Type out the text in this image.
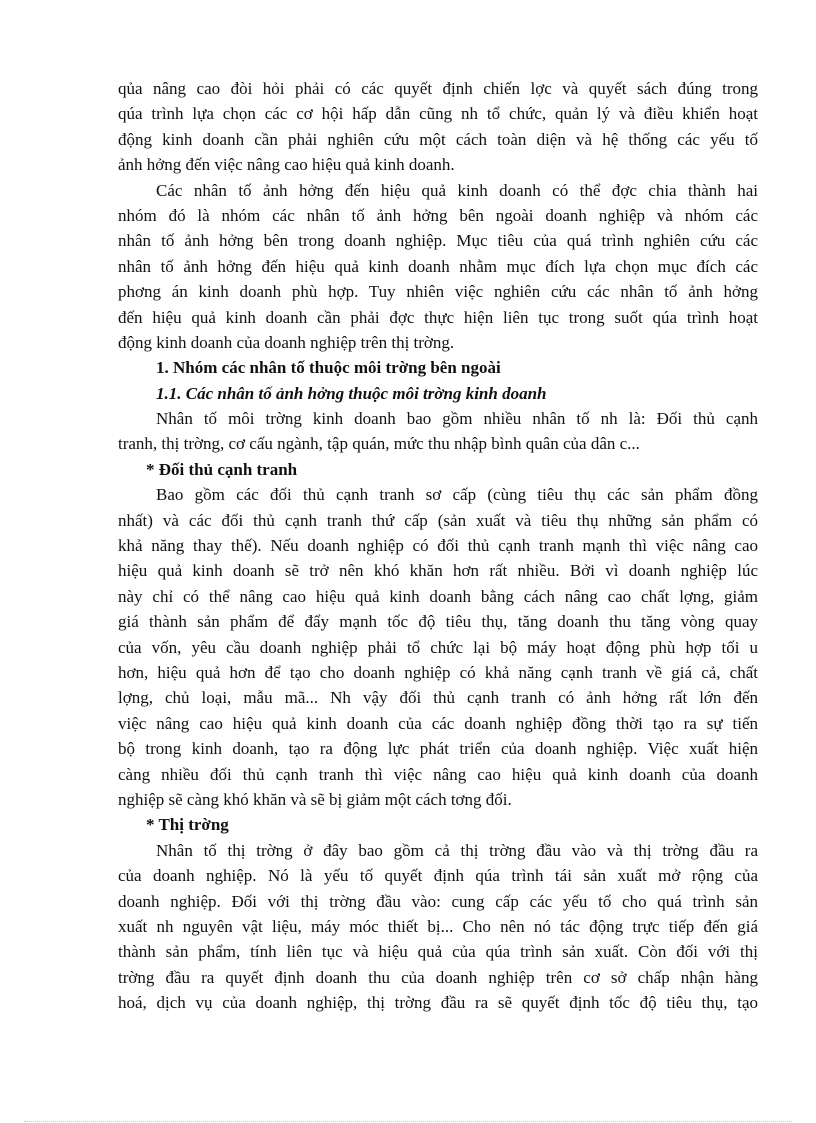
qủa nâng cao đòi hỏi phải có các quyết định chiến lợc và quyết sách đúng trong
qúa trình lựa chọn các cơ hội hấp dẫn cũng nh tổ chức, quản lý và điều khiển hoạt
động kinh doanh cần phải nghiên cứu một cách toàn diện và hệ thống các yếu tố
ảnh hởng đến việc nâng cao hiệu quả kinh doanh.
Các nhân tố ảnh hởng đến hiệu quả kinh doanh có thể đợc chia thành hai
nhóm đó là nhóm các nhân tố ảnh hởng bên ngoài doanh nghiệp và nhóm các
nhân tố ảnh hởng bên trong doanh nghiệp. Mục tiêu của quá trình nghiên cứu các
nhân tố ảnh hởng đến hiệu quả kinh doanh nhằm mục đích lựa chọn mục đích các
phơng án kinh doanh phù hợp. Tuy nhiên việc nghiên cứu các nhân tố ảnh hởng
đến hiệu quả kinh doanh cần phải đợc thực hiện liên tục trong suốt qúa trình hoạt
động kinh doanh của doanh nghiệp trên thị trờng.
1. Nhóm các nhân tố thuộc môi trờng bên ngoài
1.1. Các nhân tố ảnh hởng thuộc môi trờng kinh doanh
Nhân tố môi trờng kinh doanh bao gồm nhiều nhân tố nh là: Đối thủ cạnh
tranh, thị trờng, cơ cấu ngành, tập quán, mức thu nhập bình quân của dân c...
* Đối thủ cạnh tranh
Bao gồm các đối thủ cạnh tranh sơ cấp (cùng tiêu thụ các sản phẩm đồng
nhất) và các đối thủ cạnh tranh thứ cấp (sản xuất và tiêu thụ những sản phẩm có
khả năng thay thế). Nếu doanh nghiệp có đối thủ cạnh tranh mạnh thì việc nâng cao
hiệu quả kinh doanh sẽ trở nên khó khăn hơn rất nhiều. Bởi vì doanh nghiệp lúc
này chỉ có thể nâng cao hiệu quả kinh doanh bằng cách nâng cao chất lợng, giảm
giá thành sản phẩm để đẩy mạnh tốc độ tiêu thụ, tăng doanh thu tăng vòng quay
của vốn, yêu cầu doanh nghiệp phải tổ chức lại bộ máy hoạt động phù hợp tối u
hơn, hiệu quả hơn để tạo cho doanh nghiệp có khả năng cạnh tranh về giá cả, chất
lợng, chủ loại, mẫu mã... Nh vậy đối thủ cạnh tranh có ảnh hởng rất lớn đến
việc nâng cao hiệu quả kinh doanh của các doanh nghiệp đồng thời tạo ra sự tiến
bộ trong kinh doanh, tạo ra động lực phát triển của doanh nghiệp. Việc xuất hiện
càng nhiều đối thủ cạnh tranh thì việc nâng cao hiệu quả kinh doanh của doanh
nghiệp sẽ càng khó khăn và sẽ bị giảm một cách tơng đối.
* Thị trờng
Nhân tố thị trờng ở đây bao gồm cả thị trờng đầu vào và thị trờng đầu ra
của doanh nghiệp. Nó là yếu tố quyết định qúa trình tái sản xuất mở rộng của
doanh nghiệp. Đối với thị trờng đầu vào: cung cấp các yếu tố cho quá trình sản
xuất nh nguyên vật liệu, máy móc thiết bị... Cho nên nó tác động trực tiếp đến giá
thành sản phẩm, tính liên tục và hiệu quả của qúa trình sản xuất. Còn đối với thị
trờng đầu ra quyết định doanh thu của doanh nghiệp trên cơ sở chấp nhận hàng
hoá, dịch vụ của doanh nghiệp, thị trờng đầu ra sẽ quyết định tốc độ tiêu thụ, tạo
